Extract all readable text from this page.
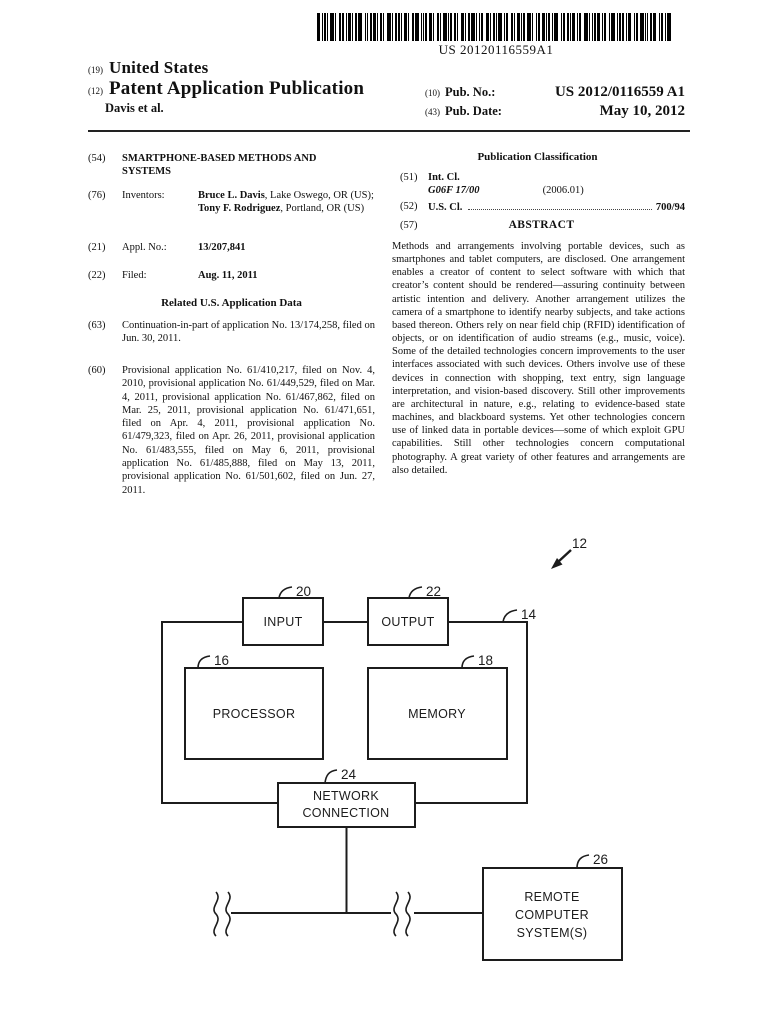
US 20120116559A1
(19) United States
(12) Patent Application Publication
Davis et al.
(10) Pub. No.:	US 2012/0116559 A1
(43) Pub. Date:	May 10, 2012
(54)	SMARTPHONE-BASED METHODS AND SYSTEMS
(76)	Inventors:	Bruce L. Davis, Lake Oswego, OR (US); Tony F. Rodriguez, Portland, OR (US)
(21)	Appl. No.:	13/207,841
(22)	Filed:	Aug. 11, 2011
Related U.S. Application Data
(63)	Continuation-in-part of application No. 13/174,258, filed on Jun. 30, 2011.
(60)	Provisional application No. 61/410,217, filed on Nov. 4, 2010, provisional application No. 61/449,529, filed on Mar. 4, 2011, provisional application No. 61/467,862, filed on Mar. 25, 2011, provisional application No. 61/471,651, filed on Apr. 4, 2011, provisional application No. 61/479,323, filed on Apr. 26, 2011, provisional application No. 61/483,555, filed on May 6, 2011, provisional application No. 61/485,888, filed on May 13, 2011, provisional application No. 61/501,602, filed on Jun. 27, 2011.
Publication Classification
(51)	Int. Cl.
G06F 17/00	(2006.01)
(52)	U.S. Cl.	700/94
(57)	ABSTRACT
Methods and arrangements involving portable devices, such as smartphones and tablet computers, are disclosed. One arrangement enables a creator of content to select software with which that creator’s content should be rendered—assuring continuity between artistic intention and delivery. Another arrangement utilizes the camera of a smartphone to identify nearby subjects, and take actions based thereon. Others rely on near field chip (RFID) identification of objects, or on identification of audio streams (e.g., music, voice). Some of the detailed technologies concern improvements to the user interfaces associated with such devices. Others involve use of these devices in connection with shopping, text entry, sign language interpretation, and vision-based discovery. Still other improvements are architectural in nature, e.g., relating to evidence-based state machines, and blackboard systems. Yet other technologies concern use of linked data in portable devices—some of which exploit GPU capabilities. Still other technologies concern computational photography. A great variety of other features and arrangements are also detailed.
12
14
INPUT
20
OUTPUT
22
PROCESSOR
16
MEMORY
18
NETWORK
CONNECTION
24
REMOTE
COMPUTER
SYSTEM(S)
26
